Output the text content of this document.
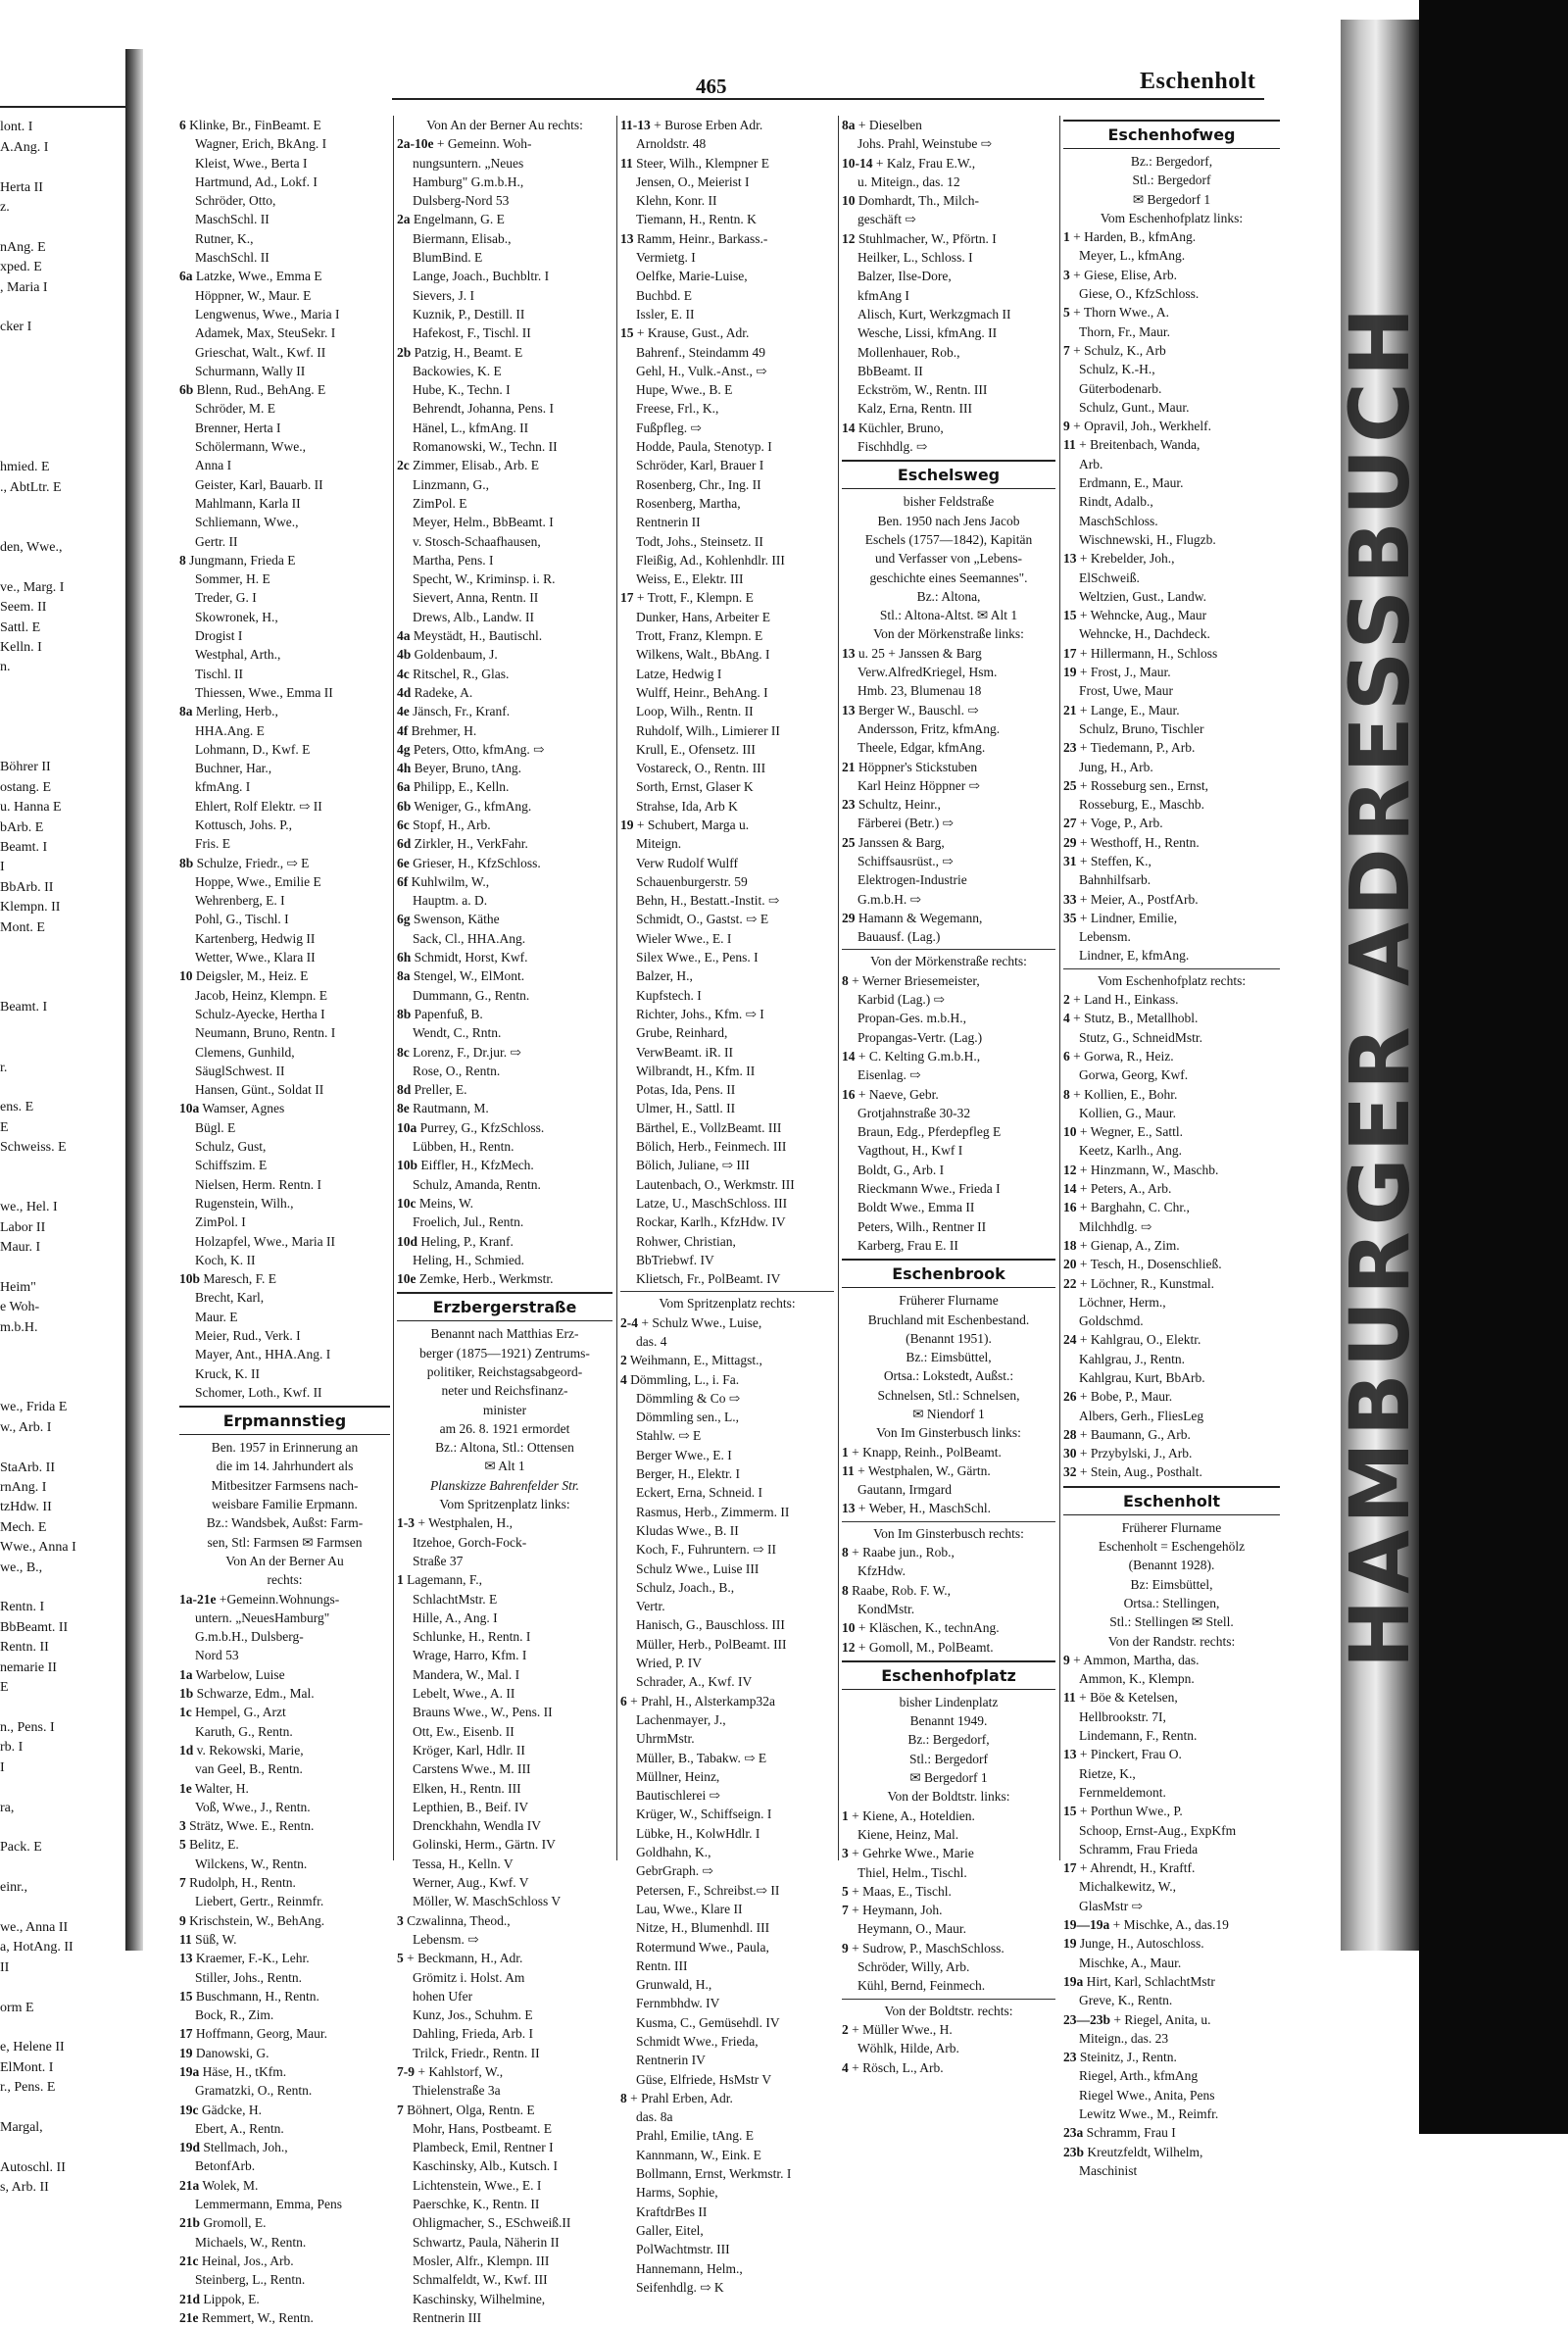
HAMBURGER ADRESSBUCH

lont. I
A.Ang. I

Herta II
z.

nAng. E
xped. E
, Maria I

cker I

hmied. E
., AbtLtr. E

den, Wwe.,

ve., Marg. I
Seem. II
Sattl. E
Kelln. I
n.

Böhrer II
ostang. E
u. Hanna E
bArb. E
Beamt. I
I
BbArb. II
Klempn. II
Mont. E

Beamt. I

r.

ens. E
E
Schweiss. E

we., Hel. I
Labor II
Maur. I

Heim"
e Woh-
m.b.H.

we., Frida E
w., Arb. I

StaArb. II
rnAng. I
tzHdw. II
Mech. E
Wwe., Anna I
we., B.,

Rentn. I
BbBeamt. II
Rentn. II
nemarie II
E

n., Pens. I
rb. I
I

ra,

Pack. E

einr.,

we., Anna II
a, HotAng. II
II

orm E

e, Helene II
ElMont. I
r., Pens. E

Margal,

Autoschl. II
s, Arb. II
465	Eschenholt
6 Klinke, Br., FinBeamt. E
Wagner, Erich, BkAng. I
Kleist, Wwe., Berta I
Hartmund, Ad., Lokf. I
Schröder, Otto,
MaschSchl. II
Rutner, K.,
MaschSchl. II
6a Latzke, Wwe., Emma E
Höppner, W., Maur. E
Lengwenus, Wwe., Maria I
Adamek, Max, SteuSekr. I
Grieschat, Walt., Kwf. II
Schurmann, Wally II
6b Blenn, Rud., BehAng. E
Schröder, M. E
Brenner, Herta I
Schölermann, Wwe.,
Anna I
Geister, Karl, Bauarb. II
Mahlmann, Karla II
Schliemann, Wwe.,
Gertr. II
8 Jungmann, Frieda E
Sommer, H. E
Treder, G. I
Skowronek, H.,
Drogist I
Westphal, Arth.,
Tischl. II
Thiessen, Wwe., Emma II
8a Merling, Herb.,
HHA.Ang. E
Lohmann, D., Kwf. E
Buchner, Har.,
kfmAng. I
Ehlert, Rolf Elektr. ⇨ II
Kottusch, Johs. P.,
Fris. E
8b Schulze, Friedr., ⇨ E
Hoppe, Wwe., Emilie E
Wehrenberg, E. I
Pohl, G., Tischl. I
Kartenberg, Hedwig II
Wetter, Wwe., Klara II
10 Deigsler, M., Heiz. E
Jacob, Heinz, Klempn. E
Schulz-Ayecke, Hertha I
Neumann, Bruno, Rentn. I
Clemens, Gunhild,
SäuglSchwest. II
Hansen, Günt., Soldat II
10a Wamser, Agnes
Bügl. E
Schulz, Gust,
Schiffszim. E
Nielsen, Herm. Rentn. I
Rugenstein, Wilh.,
ZimPol. I
Holzapfel, Wwe., Maria II
Koch, K. II
10b Maresch, F. E
Brecht, Karl,
Maur. E
Meier, Rud., Verk. I
Mayer, Ant., HHA.Ang. I
Kruck, K. II
Schomer, Loth., Kwf. II
Erpmannstieg
Ben. 1957 in Erinnerung an
die im 14. Jahrhundert als
Mitbesitzer Farmsens nach-
weisbare Familie Erpmann.
Bz.: Wandsbek, Außst: Farm-
sen, Stl: Farmsen ✉ Farmsen
Von An der Berner Au
rechts:
1a-21e +Gemeinn.Wohnungs-
untern. „NeuesHamburg"
G.m.b.H., Dulsberg-
Nord 53
1a Warbelow, Luise
1b Schwarze, Edm., Mal.
1c Hempel, G., Arzt
Karuth, G., Rentn.
1d v. Rekowski, Marie,
van Geel, B., Rentn.
1e Walter, H.
Voß, Wwe., J., Rentn.
3 Strätz, Wwe. E., Rentn.
5 Belitz, E.
Wilckens, W., Rentn.
7 Rudolph, H., Rentn.
Liebert, Gertr., Reinmfr.
9 Krischstein, W., BehAng.
11 Süß, W.
13 Kraemer, F.-K., Lehr.
Stiller, Johs., Rentn.
15 Buschmann, H., Rentn.
Bock, R., Zim.
17 Hoffmann, Georg, Maur.
19 Danowski, G.
19a Häse, H., tKfm.
Gramatzki, O., Rentn.
19c Gädcke, H.
Ebert, A., Rentn.
19d Stellmach, Joh.,
BetonfArb.
21a Wolek, M.
Lemmermann, Emma, Pens
21b Gromoll, E.
Michaels, W., Rentn.
21c Heinal, Jos., Arb.
Steinberg, L., Rentn.
21d Lippok, E.
21e Remmert, W., Rentn.
Von An der Berner Au rechts:
2a-10e + Gemeinn. Woh-
nungsuntern. „Neues
Hamburg" G.m.b.H.,
Dulsberg-Nord 53
2a Engelmann, G. E
Biermann, Elisab.,
BlumBind. E
Lange, Joach., Buchbltr. I
Sievers, J. I
Kuznik, P., Destill. II
Hafekost, F., Tischl. II
2b Patzig, H., Beamt. E
Backowies, K. E
Hube, K., Techn. I
Behrendt, Johanna, Pens. I
Hänel, L., kfmAng. II
Romanowski, W., Techn. II
2c Zimmer, Elisab., Arb. E
Linzmann, G.,
ZimPol. E
Meyer, Helm., BbBeamt. I
v. Stosch-Schaafhausen,
Martha, Pens. I
Specht, W., Kriminsp. i. R.
Sievert, Anna, Rentn. II
Drews, Alb., Landw. II
4a Meystädt, H., Bautischl.
4b Goldenbaum, J.
4c Ritschel, R., Glas.
4d Radeke, A.
4e Jänsch, Fr., Kranf.
4f Brehmer, H.
4g Peters, Otto, kfmAng. ⇨
4h Beyer, Bruno, tAng.
6a Philipp, E., Kelln.
6b Weniger, G., kfmAng.
6c Stopf, H., Arb.
6d Zirkler, H., VerkFahr.
6e Grieser, H., KfzSchloss.
6f Kuhlwilm, W.,
Hauptm. a. D.
6g Swenson, Käthe
Sack, Cl., HHA.Ang.
6h Schmidt, Horst, Kwf.
8a Stengel, W., ElMont.
Dummann, G., Rentn.
8b Papenfuß, B.
Wendt, C., Rntn.
8c Lorenz, F., Dr.jur. ⇨
Rose, O., Rentn.
8d Preller, E.
8e Rautmann, M.
10a Purrey, G., KfzSchloss.
Lübben, H., Rentn.
10b Eiffler, H., KfzMech.
Schulz, Amanda, Rentn.
10c Meins, W.
Froelich, Jul., Rentn.
10d Heling, P., Kranf.
Heling, H., Schmied.
10e Zemke, Herb., Werkmstr.
Erzbergerstraße
Benannt nach Matthias Erz-
berger (1875—1921) Zentrums-
politiker, Reichstagsabgeord-
neter und Reichsfinanz-
minister
am 26. 8. 1921 ermordet
Bz.: Altona, Stl.: Ottensen
✉ Alt 1
Planskizze Bahrenfelder Str.
Vom Spritzenplatz links:
1-3 + Westphalen, H.,
Itzehoe, Gorch-Fock-
Straße 37
1 Lagemann, F.,
SchlachtMstr. E
Hille, A., Ang. I
Schlunke, H., Rentn. I
Wrage, Harro, Kfm. I
Mandera, W., Mal. I
Lebelt, Wwe., A. II
Brauns Wwe., W., Pens. II
Ott, Ew., Eisenb. II
Kröger, Karl, Hdlr. II
Carstens Wwe., M. III
Elken, H., Rentn. III
Lepthien, B., Beif. IV
Drenckhahn, Wendla IV
Golinski, Herm., Gärtn. IV
Tessa, H., Kelln. V
Werner, Aug., Kwf. V
Möller, W. MaschSchloss V
3 Czwalinna, Theod.,
Lebensm. ⇨
5 + Beckmann, H., Adr.
Grömitz i. Holst. Am
hohen Ufer
Kunz, Jos., Schuhm. E
Dahling, Frieda, Arb. I
Trilck, Friedr., Rentn. II
7-9 + Kahlstorf, W.,
Thielenstraße 3a
7 Böhnert, Olga, Rentn. E
Mohr, Hans, Postbeamt. E
Plambeck, Emil, Rentner I
Kaschinsky, Alb., Kutsch. I
Lichtenstein, Wwe., E. I
Paerschke, K., Rentn. II
Ohligmacher, S., ESchweiß.II
Schwartz, Paula, Näherin II
Mosler, Alfr., Klempn. III
Schmalfeldt, W., Kwf. III
Kaschinsky, Wilhelmine,
Rentnerin III
11-13 + Burose Erben Adr.
Arnoldstr. 48
11 Steer, Wilh., Klempner E
Jensen, O., Meierist I
Klehn, Konr. II
Tiemann, H., Rentn. K
13 Ramm, Heinr., Barkass.-
Vermietg. I
Oelfke, Marie-Luise,
Buchbd. E
Issler, E. II
15 + Krause, Gust., Adr.
Bahrenf., Steindamm 49
Gehl, H., Vulk.-Anst., ⇨
Hupe, Wwe., B. E
Freese, Frl., K.,
Fußpfleg. ⇨
Hodde, Paula, Stenotyp. I
Schröder, Karl, Brauer I
Rosenberg, Chr., Ing. II
Rosenberg, Martha,
Rentnerin II
Todt, Johs., Steinsetz. II
Fleißig, Ad., Kohlenhdlr. III
Weiss, E., Elektr. III
17 + Trott, F., Klempn. E
Dunker, Hans, Arbeiter E
Trott, Franz, Klempn. E
Wilkens, Walt., BbAng. I
Latze, Hedwig I
Wulff, Heinr., BehAng. I
Loop, Wilh., Rentn. II
Ruhdolf, Wilh., Limierer II
Krull, E., Ofensetz. III
Vostareck, O., Rentn. III
Sorth, Ernst, Glaser K
Strahse, Ida, Arb K
19 + Schubert, Marga u.
Miteign.
Verw Rudolf Wulff
Schauenburgerstr. 59
Behn, H., Bestatt.-Instit. ⇨
Schmidt, O., Gastst. ⇨ E
Wieler Wwe., E. I
Silex Wwe., E., Pens. I
Balzer, H.,
Kupfstech. I
Richter, Johs., Kfm. ⇨ I
Grube, Reinhard,
VerwBeamt. iR. II
Wilbrandt, H., Kfm. II
Potas, Ida, Pens. II
Ulmer, H., Sattl. II
Bärthel, E., VollzBeamt. III
Bölich, Herb., Feinmech. III
Bölich, Juliane, ⇨ III
Lautenbach, O., Werkmstr. III
Latze, U., MaschSchloss. III
Rockar, Karlh., KfzHdw. IV
Rohwer, Christian,
BbTriebwf. IV
Klietsch, Fr., PolBeamt. IV
Vom Spritzenplatz rechts:
2-4 + Schulz Wwe., Luise,
das. 4
2 Weihmann, E., Mittagst.,
4 Dömmling, L., i. Fa.
Dömmling & Co ⇨
Dömmling sen., L.,
Stahlw. ⇨ E
Berger Wwe., E. I
Berger, H., Elektr. I
Eckert, Erna, Schneid. I
Rasmus, Herb., Zimmerm. II
Kludas Wwe., B. II
Koch, F., Fuhruntern. ⇨ II
Schulz Wwe., Luise III
Schulz, Joach., B.,
Vertr.
Hanisch, G., Bauschloss. III
Müller, Herb., PolBeamt. III
Wried, P. IV
Schrader, A., Kwf. IV
6 + Prahl, H., Alsterkamp32a
Lachenmayer, J.,
UhrmMstr.
Müller, B., Tabakw. ⇨ E
Müllner, Heinz,
Bautischlerei ⇨
Krüger, W., Schiffseign. I
Lübke, H., KolwHdlr. I
Goldhahn, K.,
GebrGraph. ⇨
Petersen, F., Schreibst.⇨ II
Lau, Wwe., Klare II
Nitze, H., Blumenhdl. III
Rotermund Wwe., Paula,
Rentn. III
Grunwald, H.,
Fernmbhdw. IV
Kusma, C., Gemüsehdl. IV
Schmidt Wwe., Frieda,
Rentnerin IV
Güse, Elfriede, HsMstr V
8 + Prahl Erben, Adr.
das. 8a
Prahl, Emilie, tAng. E
Kannmann, W., Eink. E
Bollmann, Ernst, Werkmstr. I
Harms, Sophie,
KraftdrBes II
Galler, Eitel,
PolWachtmstr. III
Hannemann, Helm.,
Seifenhdlg. ⇨ K
8a + Dieselben
Johs. Prahl, Weinstube ⇨
10-14 + Kalz, Frau E.W.,
u. Miteign., das. 12
10 Domhardt, Th., Milch-
geschäft ⇨
12 Stuhlmacher, W., Pförtn. I
Heilker, L., Schloss. I
Balzer, Ilse-Dore,
kfmAng I
Alisch, Kurt, Werkzgmach II
Wesche, Lissi, kfmAng. II
Mollenhauer, Rob.,
BbBeamt. II
Eckström, W., Rentn. III
Kalz, Erna, Rentn. III
14 Küchler, Bruno,
Fischhdlg. ⇨
Eschelsweg
bisher Feldstraße
Ben. 1950 nach Jens Jacob
Eschels (1757—1842), Kapitän
und Verfasser von „Lebens-
geschichte eines Seemannes".
Bz.: Altona,
Stl.: Altona-Altst. ✉ Alt 1
Von der Mörkenstraße links:
13 u. 25 + Janssen & Barg
Verw.AlfredKriegel, Hsm.
Hmb. 23, Blumenau 18
13 Berger W., Bauschl. ⇨
Andersson, Fritz, kfmAng.
Theele, Edgar, kfmAng.
21 Höppner's Stickstuben
Karl Heinz Höppner ⇨
23 Schultz, Heinr.,
Färberei (Betr.) ⇨
25 Janssen & Barg,
Schiffsausrüst., ⇨
Elektrogen-Industrie
G.m.b.H. ⇨
29 Hamann & Wegemann,
Bauausf. (Lag.)
Von der Mörkenstraße rechts:
8 + Werner Briesemeister,
Karbid (Lag.) ⇨
Propan-Ges. m.b.H.,
Propangas-Vertr. (Lag.)
14 + C. Kelting G.m.b.H.,
Eisenlag. ⇨
16 + Naeve, Gebr.
Grotjahnstraße 30-32
Braun, Edg., Pferdepfleg E
Vagthout, H., Kwf I
Boldt, G., Arb. I
Rieckmann Wwe., Frieda I
Boldt Wwe., Emma II
Peters, Wilh., Rentner II
Karberg, Frau E. II
Eschenbrook
Früherer Flurname
Bruchland mit Eschenbestand.
(Benannt 1951).
Bz.: Eimsbüttel,
Ortsa.: Lokstedt, Außst.:
Schnelsen, Stl.: Schnelsen,
✉ Niendorf 1
Von Im Ginsterbusch links:
1 + Knapp, Reinh., PolBeamt.
11 + Westphalen, W., Gärtn.
Gautann, Irmgard
13 + Weber, H., MaschSchl.
Von Im Ginsterbusch rechts:
8 + Raabe jun., Rob.,
KfzHdw.
8 Raabe, Rob. F. W.,
KondMstr.
10 + Kläschen, K., technAng.
12 + Gomoll, M., PolBeamt.
Eschenhofplatz
bisher Lindenplatz
Benannt 1949.
Bz.: Bergedorf,
Stl.: Bergedorf
✉ Bergedorf 1
Von der Boldtstr. links:
1 + Kiene, A., Hoteldien.
Kiene, Heinz, Mal.
3 + Gehrke Wwe., Marie
Thiel, Helm., Tischl.
5 + Maas, E., Tischl.
7 + Heymann, Joh.
Heymann, O., Maur.
9 + Sudrow, P., MaschSchloss.
Schröder, Willy, Arb.
Kühl, Bernd, Feinmech.
Von der Boldtstr. rechts:
2 + Müller Wwe., H.
Wöhlk, Hilde, Arb.
4 + Rösch, L., Arb.
Eschenhofweg
Bz.: Bergedorf,
Stl.: Bergedorf
✉ Bergedorf 1
Vom Eschenhofplatz links:
1 + Harden, B., kfmAng.
Meyer, L., kfmAng.
3 + Giese, Elise, Arb.
Giese, O., KfzSchloss.
5 + Thorn Wwe., A.
Thorn, Fr., Maur.
7 + Schulz, K., Arb
Schulz, K.-H.,
Güterbodenarb.
Schulz, Gunt., Maur.
9 + Opravil, Joh., Werkhelf.
11 + Breitenbach, Wanda,
Arb.
Erdmann, E., Maur.
Rindt, Adalb.,
MaschSchloss.
Wischnewski, H., Flugzb.
13 + Krebelder, Joh.,
ElSchweiß.
Weltzien, Gust., Landw.
15 + Wehncke, Aug., Maur
Wehncke, H., Dachdeck.
17 + Hillermann, H., Schloss
19 + Frost, J., Maur.
Frost, Uwe, Maur
21 + Lange, E., Maur.
Schulz, Bruno, Tischler
23 + Tiedemann, P., Arb.
Jung, H., Arb.
25 + Rosseburg sen., Ernst,
Rosseburg, E., Maschb.
27 + Voge, P., Arb.
29 + Westhoff, H., Rentn.
31 + Steffen, K.,
Bahnhilfsarb.
33 + Meier, A., PostfArb.
35 + Lindner, Emilie,
Lebensm.
Lindner, E, kfmAng.
Vom Eschenhofplatz rechts:
2 + Land H., Einkass.
4 + Stutz, B., Metallhobl.
Stutz, G., SchneidMstr.
6 + Gorwa, R., Heiz.
Gorwa, Georg, Kwf.
8 + Kollien, E., Bohr.
Kollien, G., Maur.
10 + Wegner, E., Sattl.
Keetz, Karlh., Ang.
12 + Hinzmann, W., Maschb.
14 + Peters, A., Arb.
16 + Barghahn, C. Chr.,
Milchhdlg. ⇨
18 + Gienap, A., Zim.
20 + Tesch, H., Dosenschließ.
22 + Löchner, R., Kunstmal.
Löchner, Herm.,
Goldschmd.
24 + Kahlgrau, O., Elektr.
Kahlgrau, J., Rentn.
Kahlgrau, Kurt, BbArb.
26 + Bobe, P., Maur.
Albers, Gerh., FliesLeg
28 + Baumann, G., Arb.
30 + Przybylski, J., Arb.
32 + Stein, Aug., Posthalt.
Eschenholt
Früherer Flurname
Eschenholt = Eschengehölz
(Benannt 1928).
Bz: Eimsbüttel,
Ortsa.: Stellingen,
Stl.: Stellingen ✉ Stell.
Von der Randstr. rechts:
9 + Ammon, Martha, das.
Ammon, K., Klempn.
11 + Böe & Ketelsen,
Hellbrookstr. 7I,
Lindemann, F., Rentn.
13 + Pinckert, Frau O.
Rietze, K.,
Fernmeldemont.
15 + Porthun Wwe., P.
Schoop, Ernst-Aug., ExpKfm
Schramm, Frau Frieda
17 + Ahrendt, H., Kraftf.
Michalkewitz, W.,
GlasMstr ⇨
19—19a + Mischke, A., das.19
19 Junge, H., Autoschloss.
Mischke, A., Maur.
19a Hirt, Karl, SchlachtMstr
Greve, K., Rentn.
23—23b + Riegel, Anita, u.
Miteign., das. 23
23 Steinitz, J., Rentn.
Riegel, Arth., kfmAng
Riegel Wwe., Anita, Pens
Lewitz Wwe., M., Reimfr.
23a Schramm, Frau I
23b Kreutzfeldt, Wilhelm,
Maschinist
